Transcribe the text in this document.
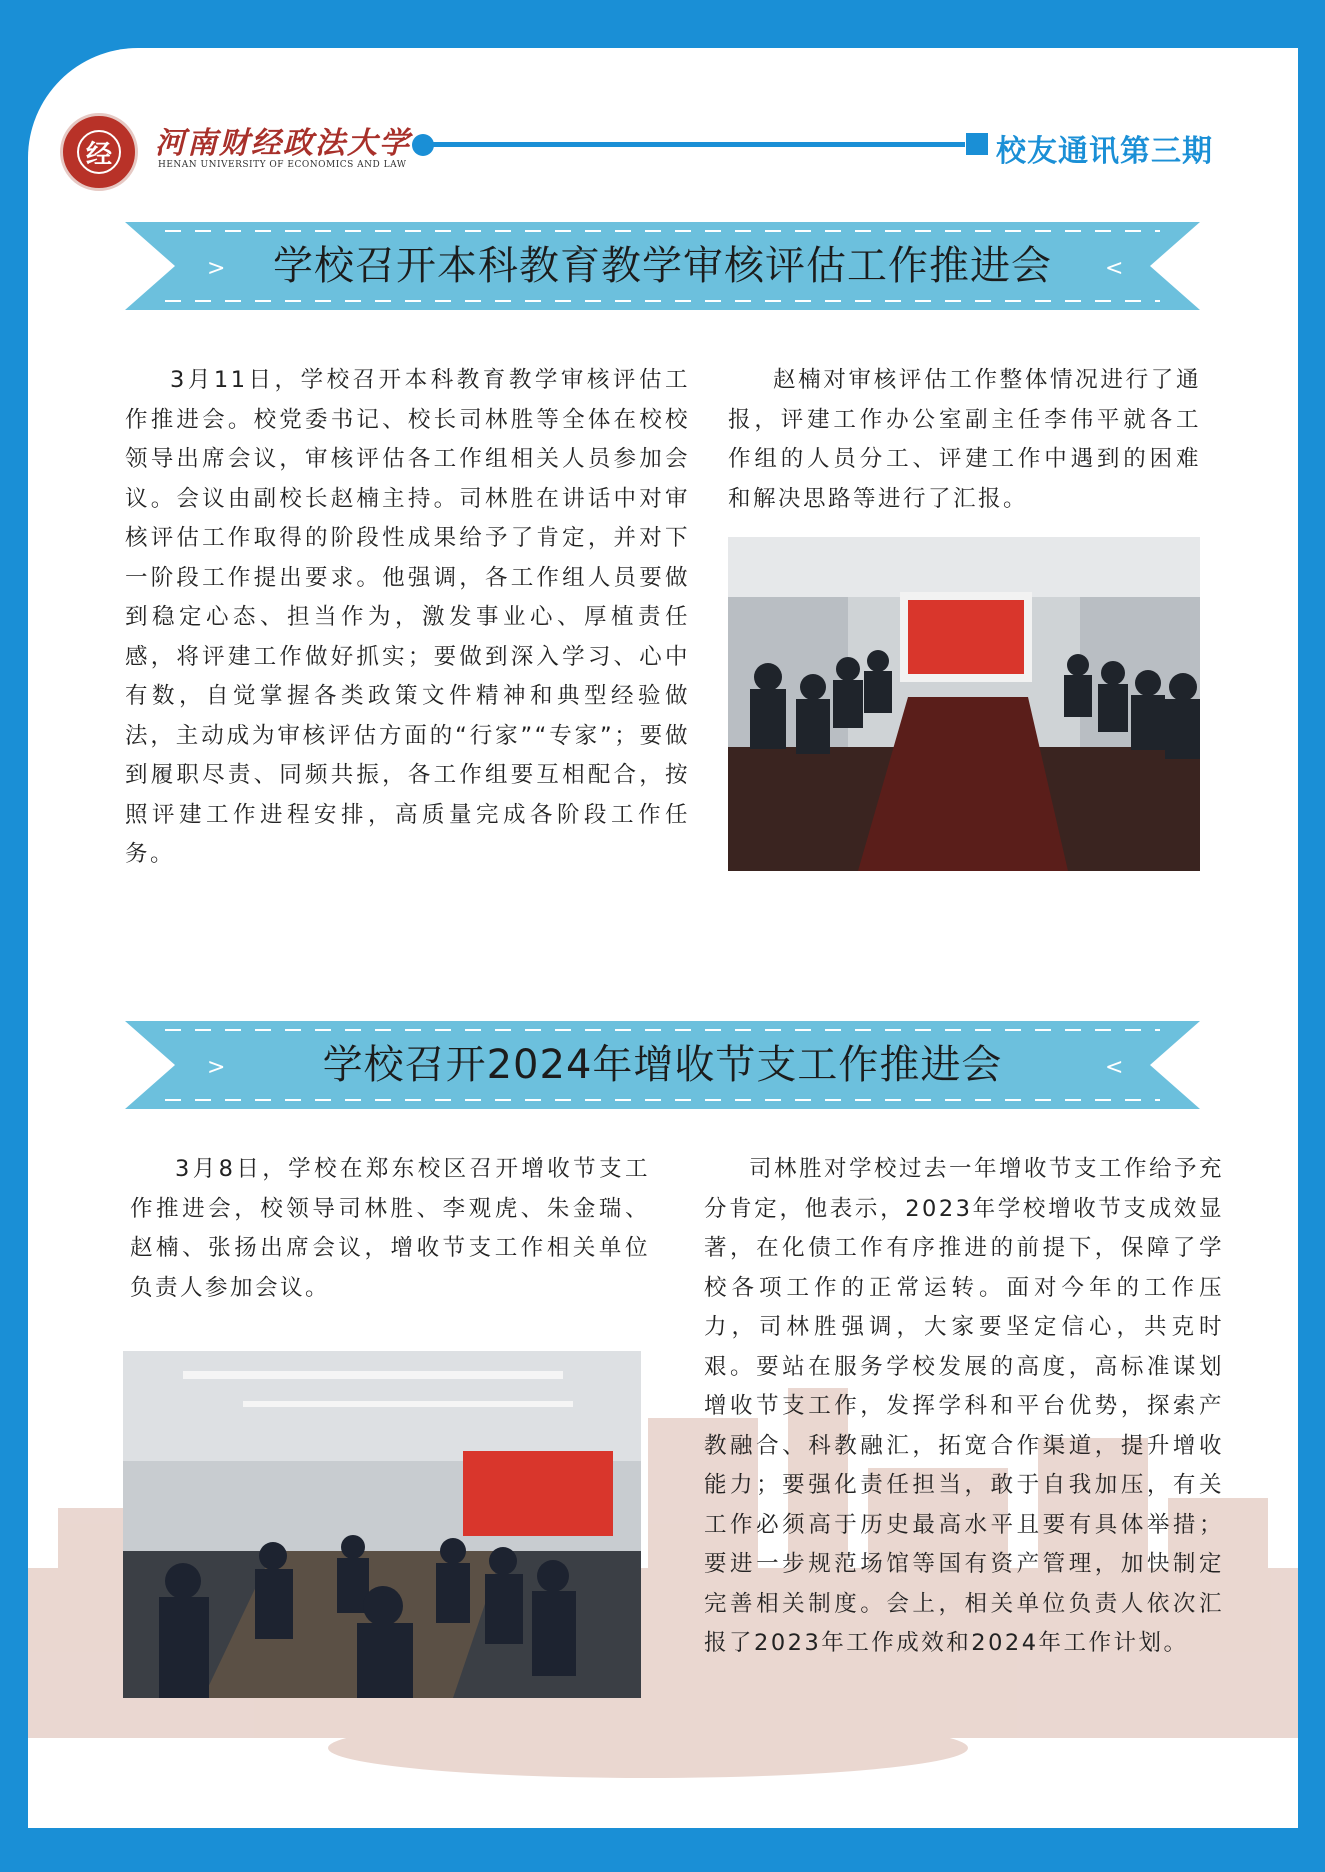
经	河南财经政法大学
HENAN UNIVERSITY OF ECONOMICS AND LAW	校友通讯第三期
>	<
学校召开本科教育教学审核评估工作推进会

3月11日，学校召开本科教育教学审核评估工作推进会。校党委书记、校长司林胜等全体在校校领导出席会议，审核评估各工作组相关人员参加会议。会议由副校长赵楠主持。司林胜在讲话中对审核评估工作取得的阶段性成果给予了肯定，并对下一阶段工作提出要求。他强调，各工作组人员要做到稳定心态、担当作为，激发事业心、厚植责任感，将评建工作做好抓实；要做到深入学习、心中有数，自觉掌握各类政策文件精神和典型经验做法，主动成为审核评估方面的“行家”“专家”；要做到履职尽责、同频共振，各工作组要互相配合，按照评建工作进程安排，高质量完成各阶段工作任务。

赵楠对审核评估工作整体情况进行了通报，评建工作办公室副主任李伟平就各工作组的人员分工、评建工作中遇到的困难和解决思路等进行了汇报。

>	<
学校召开2024年增收节支工作推进会

3月8日，学校在郑东校区召开增收节支工作推进会，校领导司林胜、李观虎、朱金瑞、赵楠、张扬出席会议，增收节支工作相关单位负责人参加会议。

司林胜对学校过去一年增收节支工作给予充分肯定，他表示，2023年学校增收节支成效显著，在化债工作有序推进的前提下，保障了学校各项工作的正常运转。面对今年的工作压力，司林胜强调，大家要坚定信心，共克时艰。要站在服务学校发展的高度，高标准谋划增收节支工作，发挥学科和平台优势，探索产教融合、科教融汇，拓宽合作渠道，提升增收能力；要强化责任担当，敢于自我加压，有关工作必须高于历史最高水平且要有具体举措；要进一步规范场馆等国有资产管理，加快制定完善相关制度。会上，相关单位负责人依次汇报了2023年工作成效和2024年工作计划。
